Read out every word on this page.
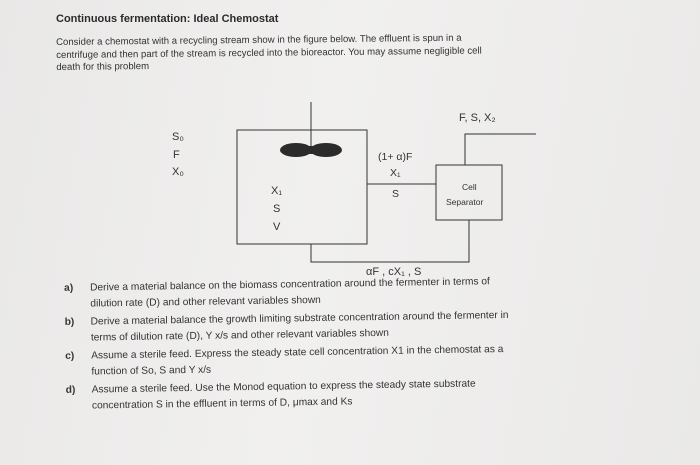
Continuous fermentation: Ideal Chemostat
Consider a chemostat with a recycling stream show in the figure below. The effluent is spun in a
centrifuge and then part of the stream is recycled into the bioreactor. You may assume negligible cell
death for this problem
S₀
F
X₀
X₁
S
V
(1+ α)F
X₁
S
Cell
Separator
F, S, X₂
αF , cX₁ , S
a) Derive a material balance on the biomass concentration around the fermenter in terms of
dilution rate (D) and other relevant variables shown
b) Derive a material balance the growth limiting substrate concentration around the fermenter in
terms of dilution rate (D), Y x/s and other relevant variables shown
c) Assume a sterile feed. Express the steady state cell concentration X1 in the chemostat as a
function of So, S and Y x/s
d) Assume a sterile feed. Use the Monod equation to express the steady state substrate
concentration S in the effluent in terms of D, μmax and Ks
